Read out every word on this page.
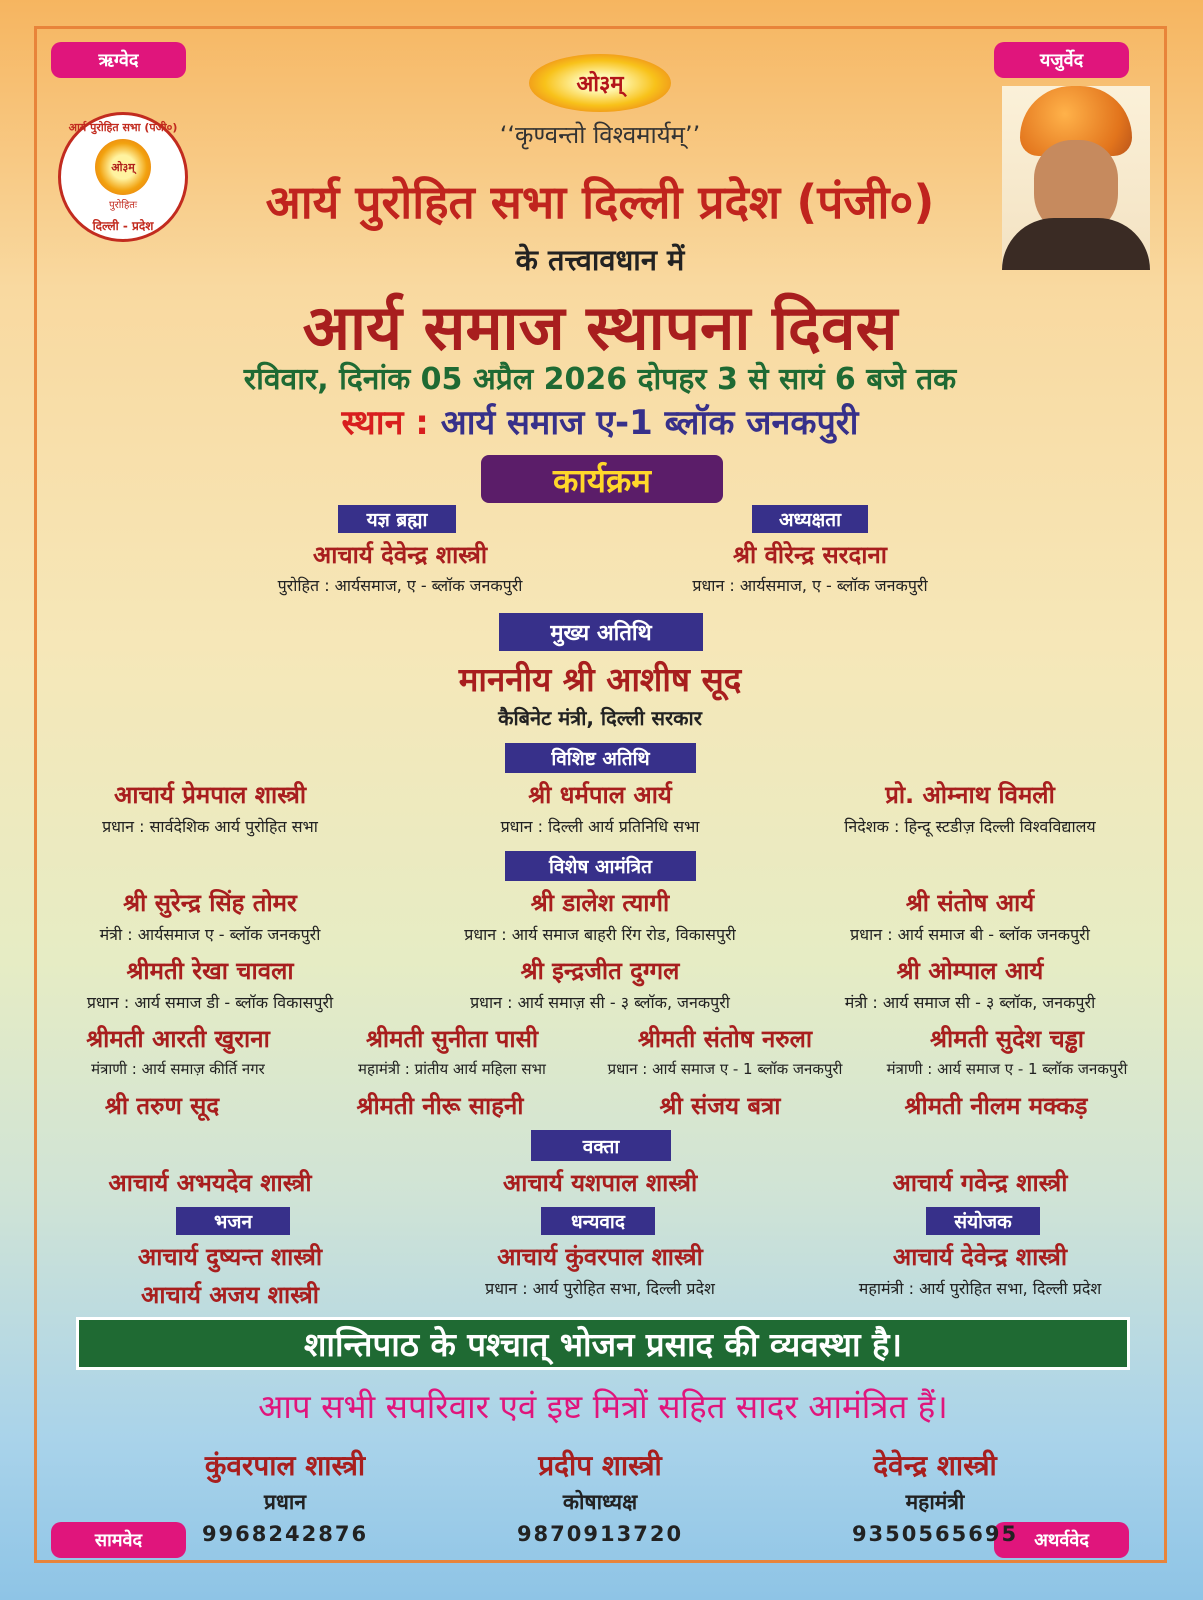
ऋग्वेद	यजुर्वेद
सामवेद	अथर्ववेद
आर्य पुरोहित सभा (पंजी०)
ओ३म्
पुरोहितः
दिल्ली - प्रदेश
ओ३म्
‘‘कृण्वन्तो विश्वमार्यम्’’
आर्य पुरोहित सभा दिल्ली प्रदेश (पंजी०)
के तत्त्वावधान में
आर्य समाज स्थापना दिवस
रविवार, दिनांक 05 अप्रैल 2026 दोपहर 3 से सायं 6 बजे तक
स्थान : आर्य समाज ए-1 ब्लॉक जनकपुरी
कार्यक्रम
यज्ञ ब्रह्मा
आचार्य देवेन्द्र शास्त्री
पुरोहित : आर्यसमाज, ए - ब्लॉक जनकपुरी
अध्यक्षता
श्री वीरेन्द्र सरदाना
प्रधान : आर्यसमाज, ए - ब्लॉक जनकपुरी
मुख्य अतिथि
माननीय श्री आशीष सूद
कैबिनेट मंत्री, दिल्ली सरकार
विशिष्ट अतिथि
आचार्य प्रेमपाल शास्त्री
प्रधान : सार्वदेशिक आर्य पुरोहित सभा
श्री धर्मपाल आर्य
प्रधान : दिल्ली आर्य प्रतिनिधि सभा
प्रो. ओम्नाथ विमली
निदेशक : हिन्दू स्टडीज़ दिल्ली विश्वविद्यालय
विशेष आमंत्रित
श्री सुरेन्द्र सिंह तोमर
मंत्री : आर्यसमाज ए - ब्लॉक जनकपुरी
श्री डालेश त्यागी
प्रधान : आर्य समाज बाहरी रिंग रोड, विकासपुरी
श्री संतोष आर्य
प्रधान : आर्य समाज बी - ब्लॉक जनकपुरी
श्रीमती रेखा चावला
प्रधान : आर्य समाज डी - ब्लॉक विकासपुरी
श्री इन्द्रजीत दुग्गल
प्रधान : आर्य समाज़ सी - ३ ब्लॉक, जनकपुरी
श्री ओम्पाल आर्य
मंत्री : आर्य समाज सी - ३ ब्लॉक, जनकपुरी
श्रीमती आरती खुराना
मंत्राणी : आर्य समाज़ कीर्ति नगर
श्रीमती सुनीता पासी
महामंत्री : प्रांतीय आर्य महिला सभा
श्रीमती संतोष नरुला
प्रधान : आर्य समाज ए - 1 ब्लॉक जनकपुरी
श्रीमती सुदेश चड्ढा
मंत्राणी : आर्य समाज ए - 1 ब्लॉक जनकपुरी
श्री तरुण सूद	श्रीमती नीरू साहनी	श्री संजय बत्रा	श्रीमती नीलम मक्कड़
वक्ता
आचार्य अभयदेव शास्त्री	आचार्य यशपाल शास्त्री	आचार्य गवेन्द्र शास्त्री
भजन
आचार्य दुष्यन्त शास्त्री
आचार्य अजय शास्त्री
धन्यवाद
आचार्य कुंवरपाल शास्त्री
प्रधान : आर्य पुरोहित सभा, दिल्ली प्रदेश
संयोजक
आचार्य देवेन्द्र शास्त्री
महामंत्री : आर्य पुरोहित सभा, दिल्ली प्रदेश
शान्तिपाठ के पश्चात् भोजन प्रसाद की व्यवस्था है।
आप सभी सपरिवार एवं इष्ट मित्रों सहित सादर आमंत्रित हैं।
कुंवरपाल शास्त्री
प्रधान
9968242876
प्रदीप शास्त्री
कोषाध्यक्ष
9870913720
देवेन्द्र शास्त्री
महामंत्री
9350565695
